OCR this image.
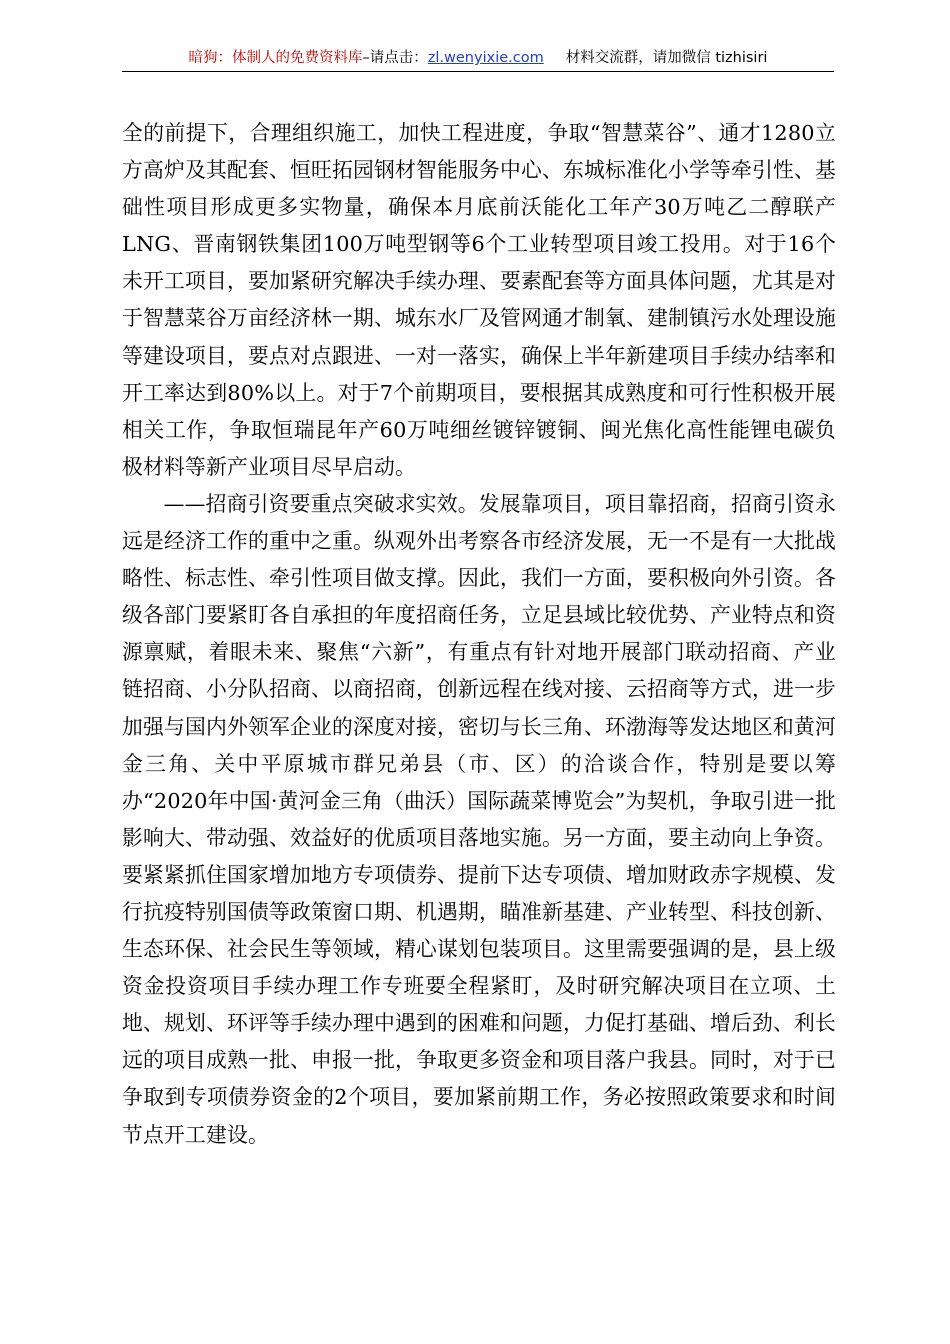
暗狗：体制人的免费资料库–请点击：zl.wenyixie.com 材料交流群，请加微信 tizhisiri

全的前提下，合理组织施工，加快工程进度，争取“智慧菜谷”、通才1280立方高炉及其配套、恒旺拓园钢材智能服务中心、东城标准化小学等牵引性、基础性项目形成更多实物量，确保本月底前沃能化工年产30万吨乙二醇联产LNG、晋南钢铁集团100万吨型钢等6个工业转型项目竣工投用。对于16个未开工项目，要加紧研究解决手续办理、要素配套等方面具体问题，尤其是对于智慧菜谷万亩经济林一期、城东水厂及管网通才制氧、建制镇污水处理设施等建设项目，要点对点跟进、一对一落实，确保上半年新建项目手续办结率和开工率达到80%以上。对于7个前期项目，要根据其成熟度和可行性积极开展相关工作，争取恒瑞昆年产60万吨细丝镀锌镀铜、闽光焦化高性能锂电碳负极材料等新产业项目尽早启动。

——招商引资要重点突破求实效。发展靠项目，项目靠招商，招商引资永远是经济工作的重中之重。纵观外出考察各市经济发展，无一不是有一大批战略性、标志性、牵引性项目做支撑。因此，我们一方面，要积极向外引资。各级各部门要紧盯各自承担的年度招商任务，立足县域比较优势、产业特点和资源禀赋，着眼未来、聚焦“六新”，有重点有针对地开展部门联动招商、产业链招商、小分队招商、以商招商，创新远程在线对接、云招商等方式，进一步加强与国内外领军企业的深度对接，密切与长三角、环渤海等发达地区和黄河金三角、关中平原城市群兄弟县（市、区）的洽谈合作，特别是要以筹办“2020年中国·黄河金三角（曲沃）国际蔬菜博览会”为契机，争取引进一批影响大、带动强、效益好的优质项目落地实施。另一方面，要主动向上争资。要紧紧抓住国家增加地方专项债券、提前下达专项债、增加财政赤字规模、发行抗疫特别国债等政策窗口期、机遇期，瞄准新基建、产业转型、科技创新、生态环保、社会民生等领域，精心谋划包装项目。这里需要强调的是，县上级资金投资项目手续办理工作专班要全程紧盯，及时研究解决项目在立项、土地、规划、环评等手续办理中遇到的困难和问题，力促打基础、增后劲、利长远的项目成熟一批、申报一批，争取更多资金和项目落户我县。同时，对于已争取到专项债券资金的2个项目，要加紧前期工作，务必按照政策要求和时间节点开工建设。
